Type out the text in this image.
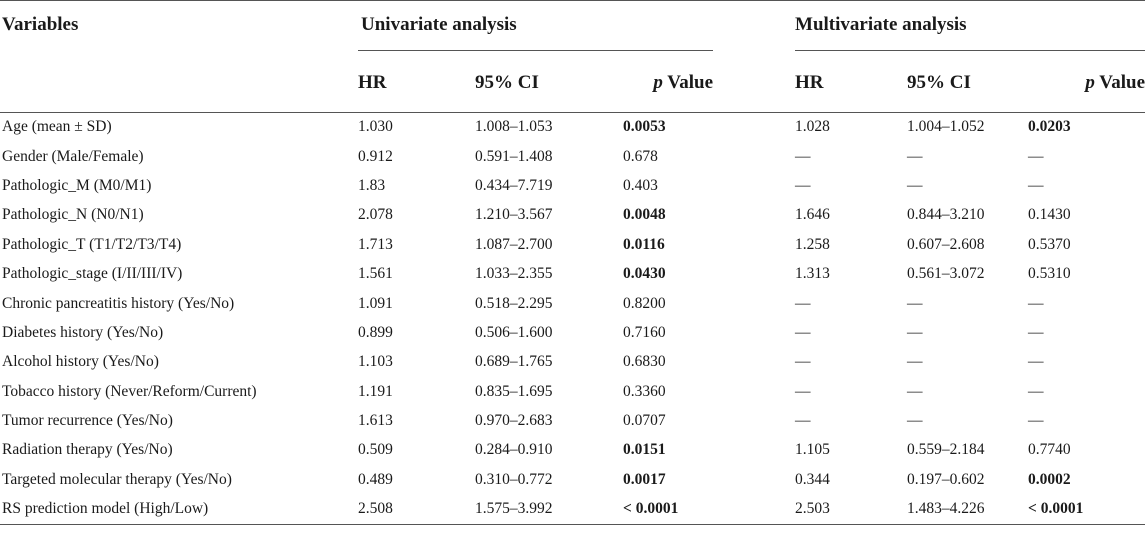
Variables	Univariate analysis				Multivariate analysis		

	HR	95% CI	p Value		HR	95% CI	p Value
Age (mean ± SD)	1.030	1.008–1.053	0.0053		1.028	1.004–1.052	0.0203
Gender (Male/Female)	0.912	0.591–1.408	0.678		—	—	—
Pathologic_M (M0/M1)	1.83	0.434–7.719	0.403		—	—	—
Pathologic_N (N0/N1)	2.078	1.210–3.567	0.0048		1.646	0.844–3.210	0.1430
Pathologic_T (T1/T2/T3/T4)	1.713	1.087–2.700	0.0116		1.258	0.607–2.608	0.5370
Pathologic_stage (I/II/III/IV)	1.561	1.033–2.355	0.0430		1.313	0.561–3.072	0.5310
Chronic pancreatitis history (Yes/No)	1.091	0.518–2.295	0.8200		—	—	—
Diabetes history (Yes/No)	0.899	0.506–1.600	0.7160		—	—	—
Alcohol history (Yes/No)	1.103	0.689–1.765	0.6830		—	—	—
Tobacco history (Never/Reform/Current)	1.191	0.835–1.695	0.3360		—	—	—
Tumor recurrence (Yes/No)	1.613	0.970–2.683	0.0707		—	—	—
Radiation therapy (Yes/No)	0.509	0.284–0.910	0.0151		1.105	0.559–2.184	0.7740
Targeted molecular therapy (Yes/No)	0.489	0.310–0.772	0.0017		0.344	0.197–0.602	0.0002
RS prediction model (High/Low)	2.508	1.575–3.992	< 0.0001		2.503	1.483–4.226	< 0.0001
